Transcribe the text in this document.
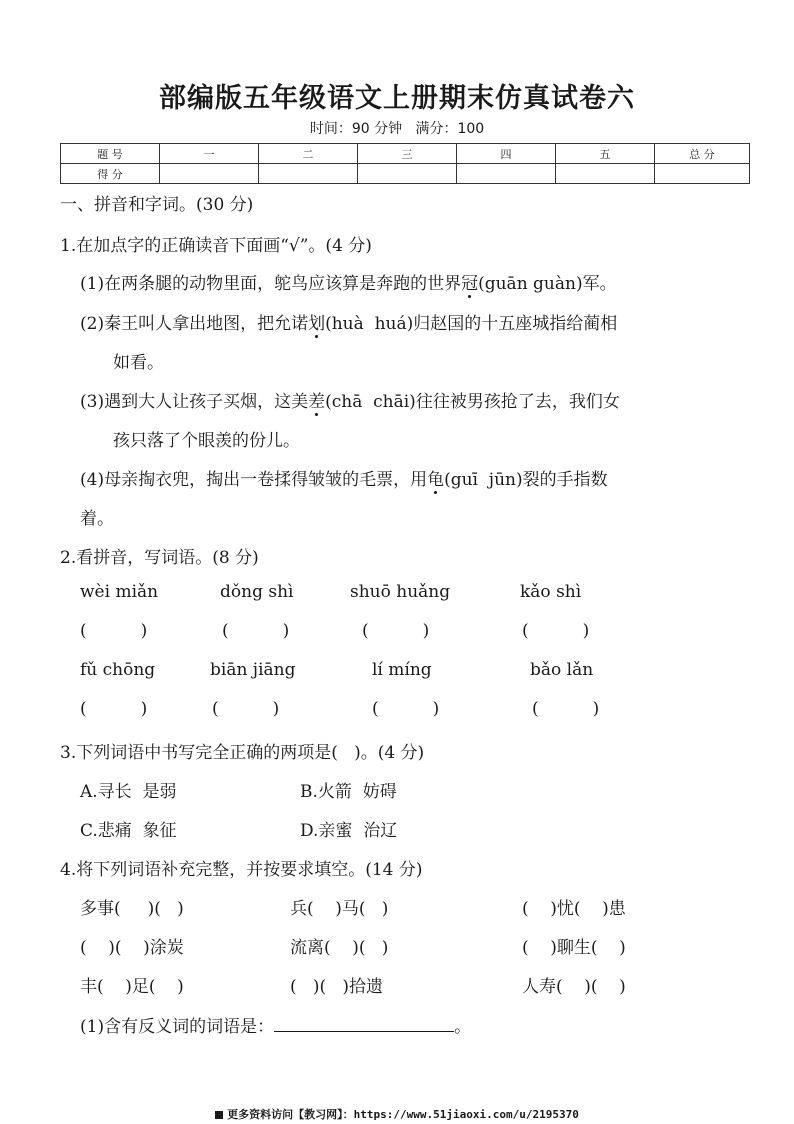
部编版五年级语文上册期末仿真试卷六
时间：90 分钟   满分：100
题 号	一	二	三	四	五	总 分
得 分						
一、拼音和字词。(30 分)
1.在加点字的正确读音下面画“√”。(4 分)
(1)在两条腿的动物里面，鸵鸟应该算是奔跑的世界冠(guān guàn)军。
(2)秦王叫人拿出地图，把允诺划(huà  huá)归赵国的十五座城指给蔺相
如看。
(3)遇到大人让孩子买烟，这美差(chā  chāi)往往被男孩抢了去，我们女
孩只落了个眼羡的份儿。
(4)母亲掏衣兜，掏出一卷揉得皱皱的毛票，用龟(guī  jūn)裂的手指数
着。
2.看拼音，写词语。(8 分)
wèi miǎn	dǒng shì	shuō huǎng	kǎo shì
(          )	(          )	(          )	(          )
fǔ chōng	biān jiāng	lí míng	bǎo lǎn
(          )	(          )	(          )	(          )
3.下列词语中书写完全正确的两项是(   )。(4 分)
A.寻长  是弱	B.火箭  妨碍
C.悲痛  象征	D.亲蜜  治辽
4.将下列词语补充完整，并按要求填空。(14 分)
多事(     )(   )	兵(    )马(   )	(    )忧(    )患
(    )(    )涂炭	流离(    )(   )	(    )聊生(    )
丰(    )足(    )	(   )(   )拾遗	人寿(    )(    )
(1)含有反义词的词语是：	。
更多资料访问【教习网】：https://www.51jiaoxi.com/u/2195370
